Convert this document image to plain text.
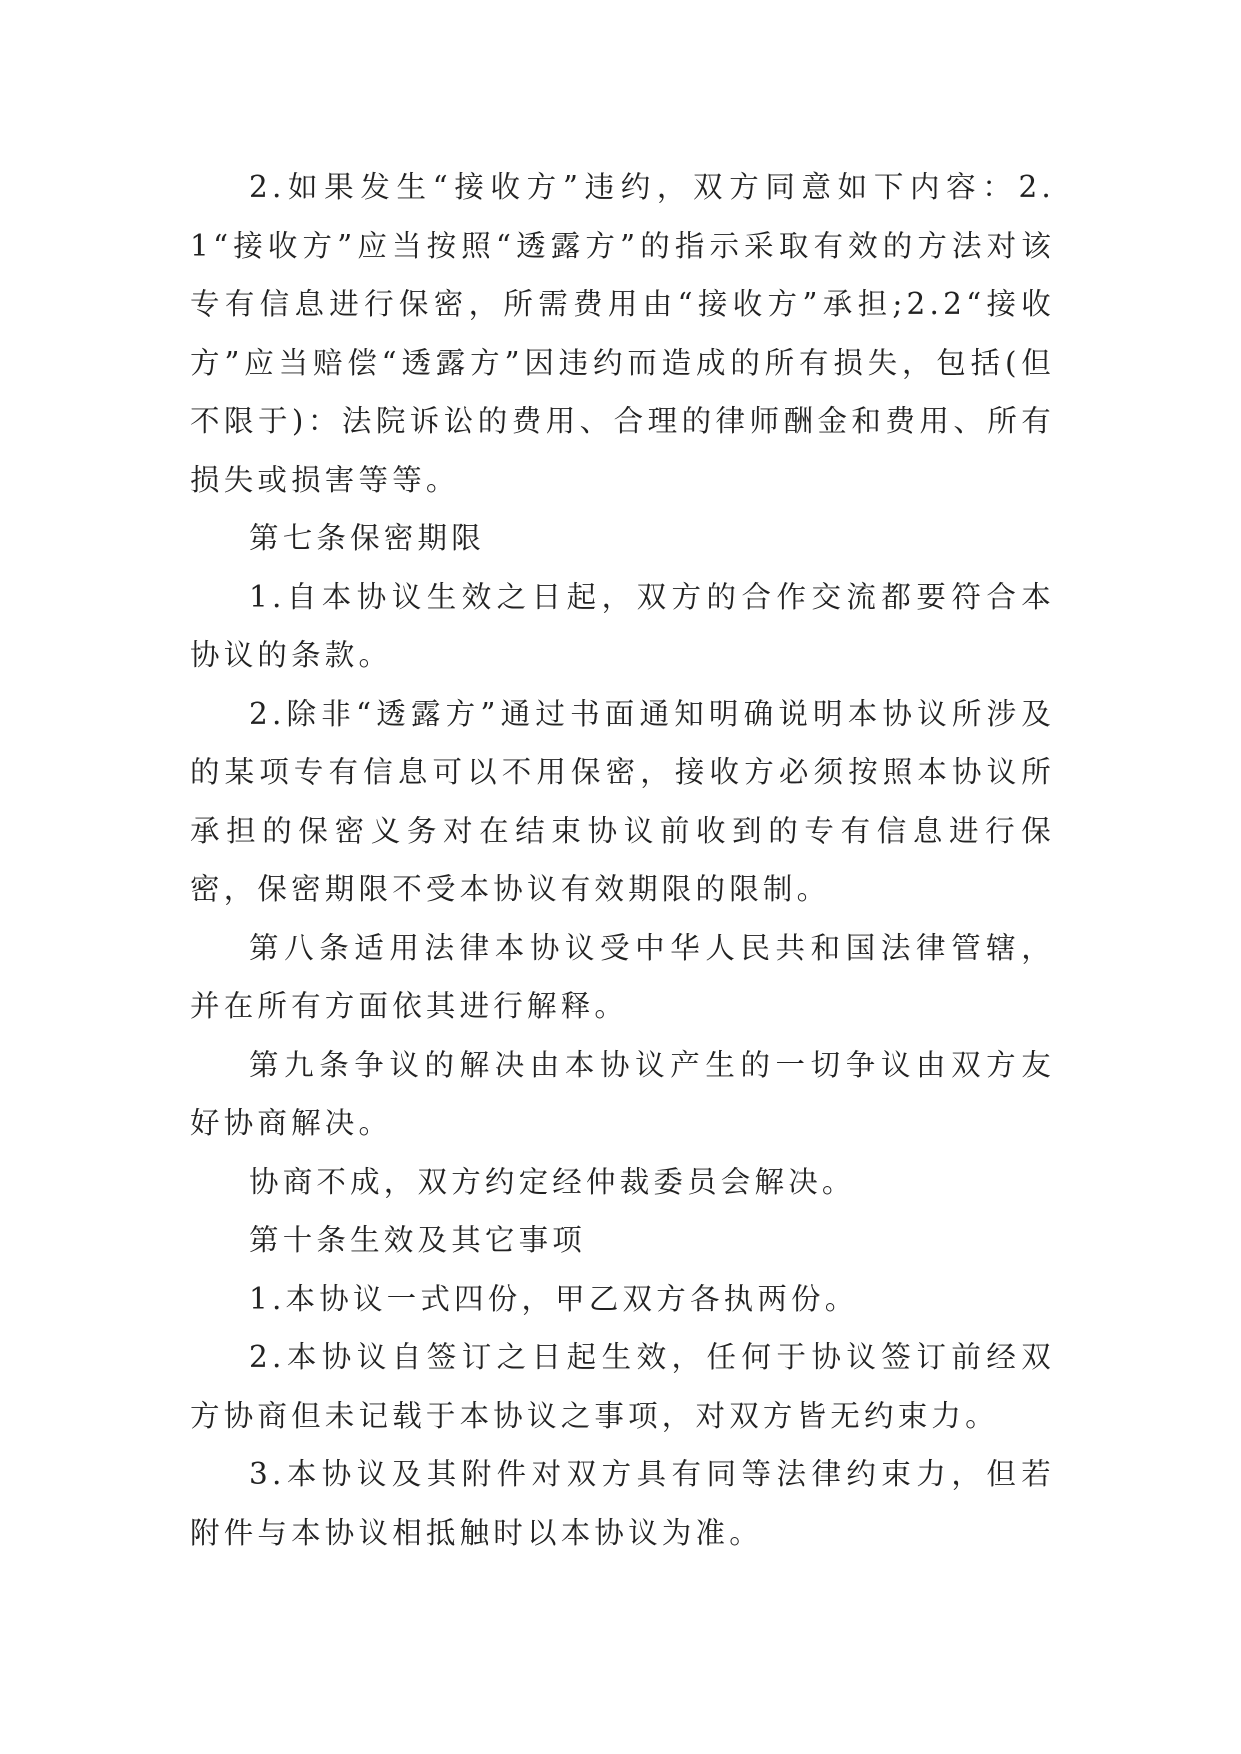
2.如果发生“接收方”违约，双方同意如下内容：2.1“接收方”应当按照“透露方”的指示采取有效的方法对该专有信息进行保密，所需费用由“接收方”承担;2.2“接收方”应当赔偿“透露方”因违约而造成的所有损失，包括(但不限于)：法院诉讼的费用、合理的律师酬金和费用、所有损失或损害等等。

第七条保密期限

1.自本协议生效之日起，双方的合作交流都要符合本协议的条款。

2.除非“透露方”通过书面通知明确说明本协议所涉及的某项专有信息可以不用保密，接收方必须按照本协议所承担的保密义务对在结束协议前收到的专有信息进行保密，保密期限不受本协议有效期限的限制。

第八条适用法律本协议受中华人民共和国法律管辖，并在所有方面依其进行解释。

第九条争议的解决由本协议产生的一切争议由双方友好协商解决。

协商不成，双方约定经仲裁委员会解决。

第十条生效及其它事项

1.本协议一式四份，甲乙双方各执两份。

2.本协议自签订之日起生效，任何于协议签订前经双方协商但未记载于本协议之事项，对双方皆无约束力。

3.本协议及其附件对双方具有同等法律约束力，但若附件与本协议相抵触时以本协议为准。
